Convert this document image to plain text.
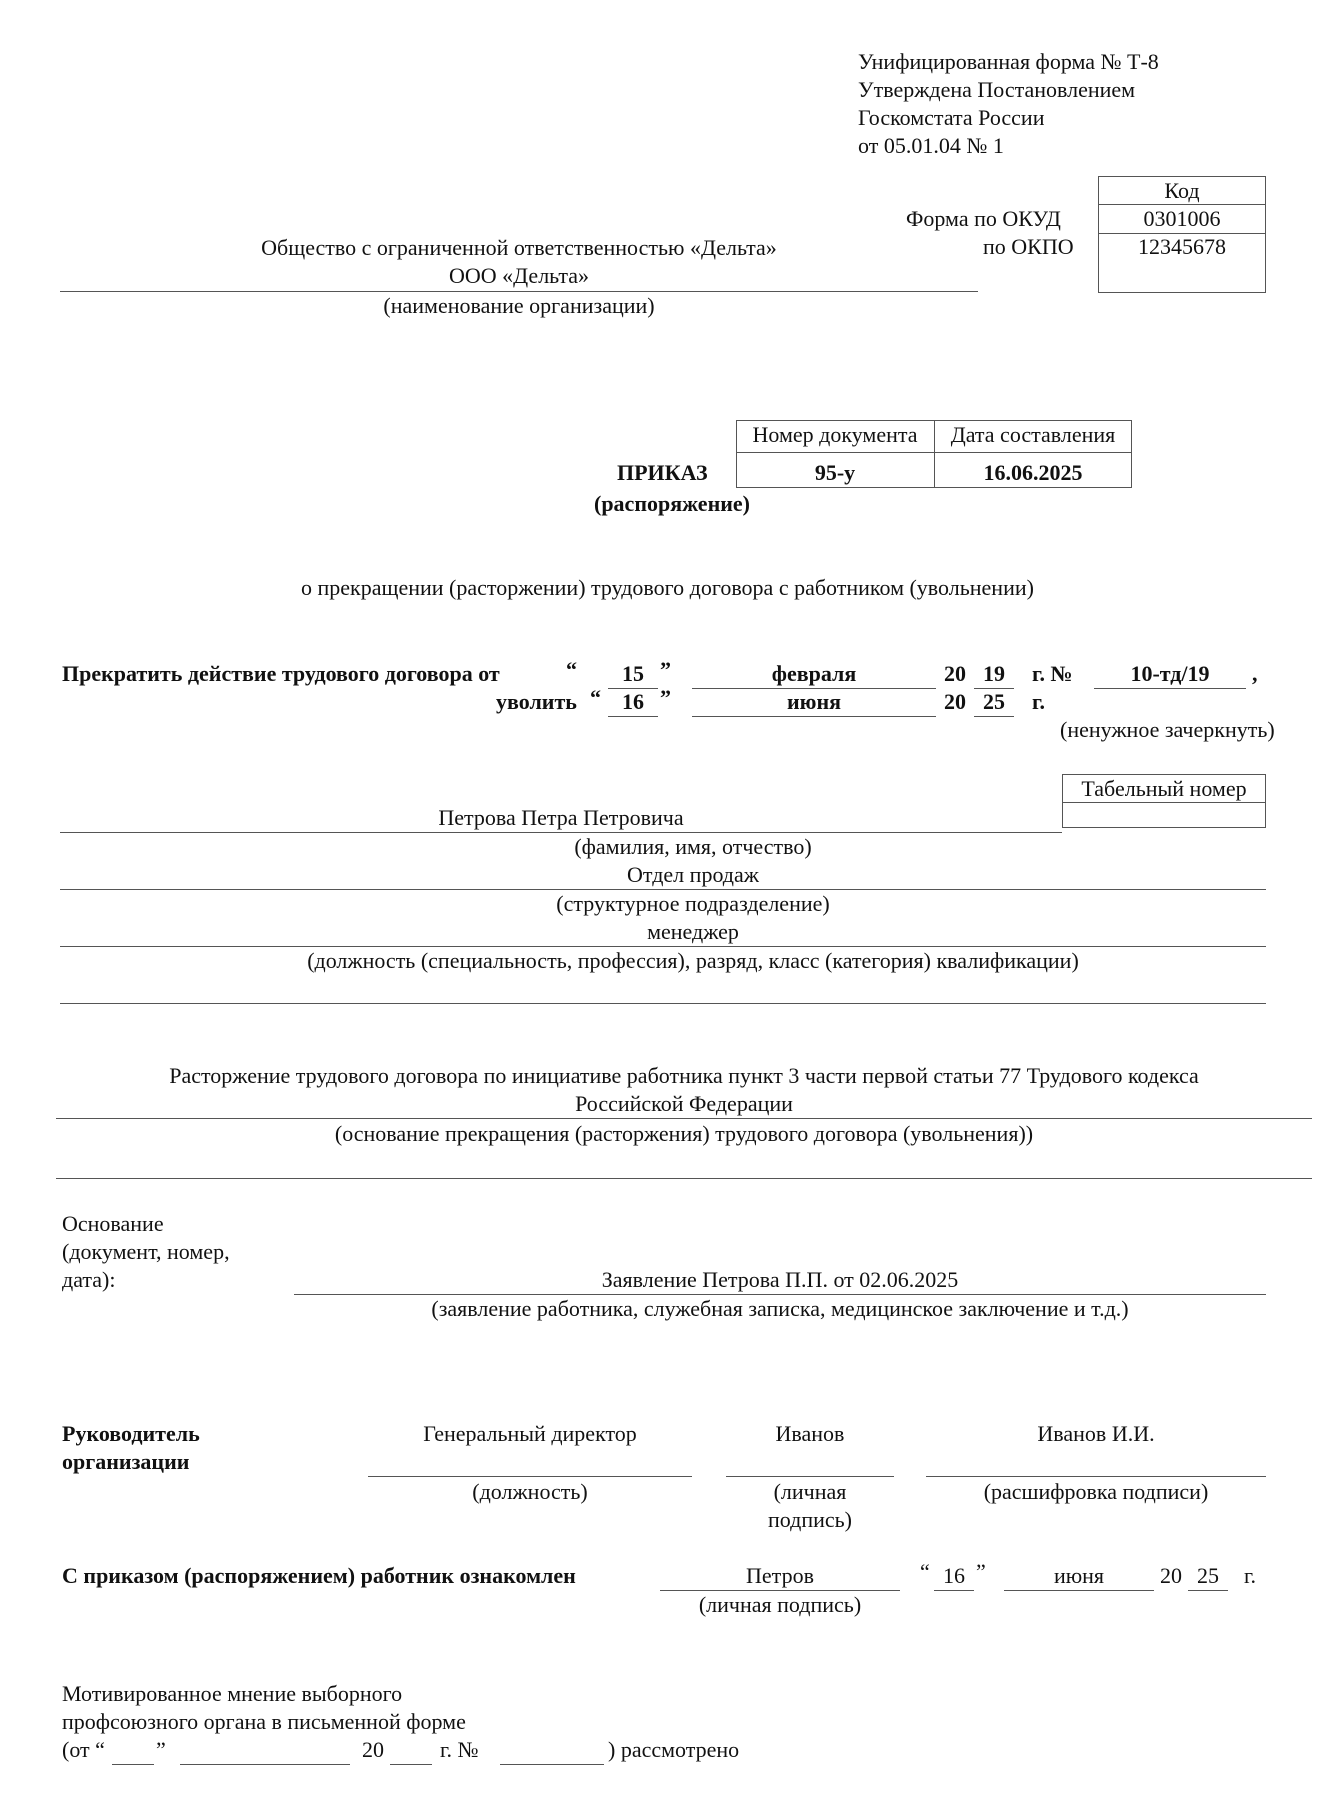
Унифицированная форма № Т-8
Утверждена Постановлением
Госкомстата России
от 05.01.04 № 1
Код
0301006
12345678
Форма по ОКУД
по ОКПО
Общество с ограниченной ответственностью «Дельта»
ООО «Дельта»
(наименование организации)
Номер документа	Дата составления
95-у	16.06.2025
ПРИКАЗ
(распоряжение)
о прекращении (расторжении) трудового договора с работником (увольнении)
Прекратить действие трудового договора от	“	15 ”	февраля	20 19	г. №	10-тд/19	,
уволить “ 16 ”	июня	20 25	г.
(ненужное зачеркнуть)
Табельный номер
Петрова Петра Петровича
(фамилия, имя, отчество)
Отдел продаж
(структурное подразделение)
менеджер
(должность (специальность, профессия), разряд, класс (категория) квалификации)
Расторжение трудового договора по инициативе работника пункт 3 части первой статьи 77 Трудового кодекса
Российской Федерации
(основание прекращения (расторжения) трудового договора (увольнения))
Основание
(документ, номер,
дата):	Заявление Петрова П.П. от 02.06.2025
(заявление работника, служебная записка, медицинское заключение и т.д.)
Руководитель
организации
Генеральный директор	Иванов	Иванов И.И.
(должность)	(личная
подпись)
(расшифровка подписи)
С приказом (распоряжением) работник ознакомлен	Петров
(личная подпись)
“ 16 ”	июня	20 25	г.
Мотивированное мнение выборного
профсоюзного органа в письменной форме
(от “ ”	20	г. №	) рассмотрено
